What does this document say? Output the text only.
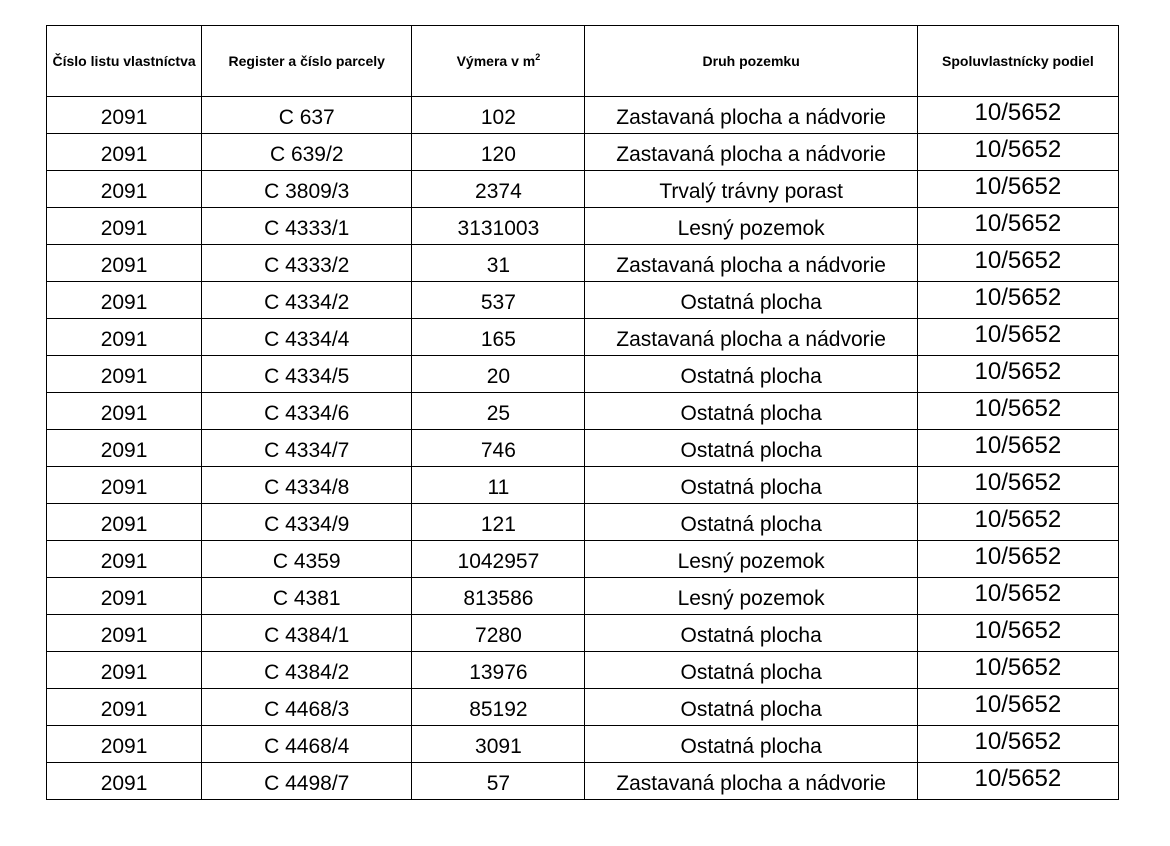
Číslo listu vlastníctva	Register a číslo parcely	Výmera v $m^2$	Druh pozemku	Spoluvlastnícky podiel
2091	C 637	102	Zastavaná plocha a nádvorie	10/5652
2091	C 639/2	120	Zastavaná plocha a nádvorie	10/5652
2091	C 3809/3	2374	Trvalý trávny porast	10/5652
2091	C 4333/1	3131003	Lesný pozemok	10/5652
2091	C 4333/2	31	Zastavaná plocha a nádvorie	10/5652
2091	C 4334/2	537	Ostatná plocha	10/5652
2091	C 4334/4	165	Zastavaná plocha a nádvorie	10/5652
2091	C 4334/5	20	Ostatná plocha	10/5652
2091	C 4334/6	25	Ostatná plocha	10/5652
2091	C 4334/7	746	Ostatná plocha	10/5652
2091	C 4334/8	11	Ostatná plocha	10/5652
2091	C 4334/9	121	Ostatná plocha	10/5652
2091	C 4359	1042957	Lesný pozemok	10/5652
2091	C 4381	813586	Lesný pozemok	10/5652
2091	C 4384/1	7280	Ostatná plocha	10/5652
2091	C 4384/2	13976	Ostatná plocha	10/5652
2091	C 4468/3	85192	Ostatná plocha	10/5652
2091	C 4468/4	3091	Ostatná plocha	10/5652
2091	C 4498/7	57	Zastavaná plocha a nádvorie	10/5652
